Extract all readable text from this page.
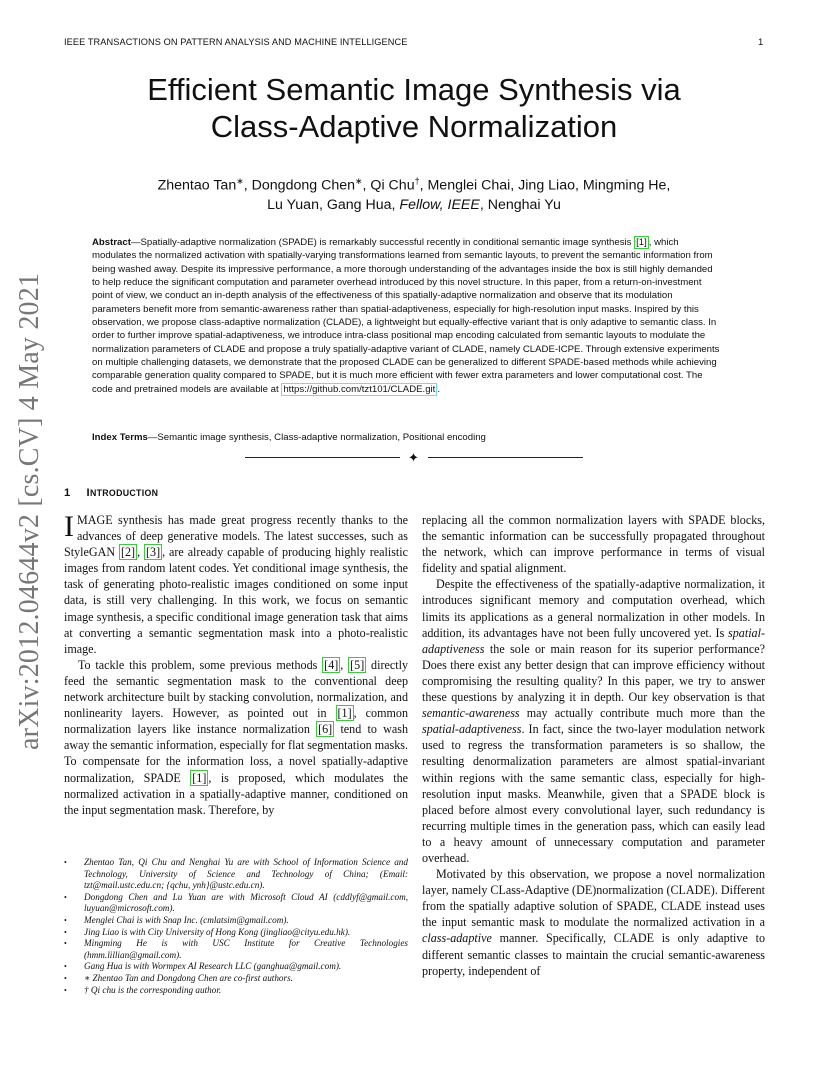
IEEE TRANSACTIONS ON PATTERN ANALYSIS AND MACHINE INTELLIGENCE	1
arXiv:2012.04644v2 [cs.CV] 4 May 2021
Efficient Semantic Image Synthesis via
Class-Adaptive Normalization
Zhentao Tan∗, Dongdong Chen∗, Qi Chu†, Menglei Chai, Jing Liao, Mingming He,
Lu Yuan, Gang Hua, Fellow, IEEE, Nenghai Yu
Abstract—Spatially-adaptive normalization (SPADE) is remarkably successful recently in conditional semantic image synthesis [1] , which modulates the normalized activation with spatially-varying transformations learned from semantic layouts, to prevent the semantic information from being washed away. Despite its impressive performance, a more thorough understanding of the advantages inside the box is still highly demanded to help reduce the significant computation and parameter overhead introduced by this novel structure. In this paper, from a return-on-investment point of view, we conduct an in-depth analysis of the effectiveness of this spatially-adaptive normalization and observe that its modulation parameters benefit more from semantic-awareness rather than spatial-adaptiveness, especially for high-resolution input masks. Inspired by this observation, we propose class-adaptive normalization (CLADE), a lightweight but equally-effective variant that is only adaptive to semantic class. In order to further improve spatial-adaptiveness, we introduce intra-class positional map encoding calculated from semantic layouts to modulate the normalization parameters of CLADE and propose a truly spatially-adaptive variant of CLADE, namely CLADE-ICPE. Through extensive experiments on multiple challenging datasets, we demonstrate that the proposed CLADE can be generalized to different SPADE-based methods while achieving comparable generation quality compared to SPADE, but it is much more efficient with fewer extra parameters and lower computational cost. The code and pretrained models are available at https://github.com/tzt101/CLADE.git .
Index Terms—Semantic image synthesis, Class-adaptive normalization, Positional encoding
✦
1 INTRODUCTION

IMAGE synthesis has made great progress recently thanks to the advances of deep generative models. The latest successes, such as StyleGAN [2] , [3] , are already capable of producing highly realistic images from random latent codes. Yet conditional image synthesis, the task of generating photo-realistic images conditioned on some input data, is still very challenging. In this work, we focus on semantic image synthesis, a specific conditional image generation task that aims at converting a semantic segmentation mask into a photo-realistic image.

To tackle this problem, some previous methods [4] , [5] directly feed the semantic segmentation mask to the conventional deep network architecture built by stacking convolution, normalization, and nonlinearity layers. However, as pointed out in [1] , common normalization layers like instance normalization [6] tend to wash away the semantic information, especially for flat segmentation masks. To compensate for the information loss, a novel spatially-adaptive normalization, SPADE [1] , is proposed, which modulates the normalized activation in a spatially-adaptive manner, conditioned on the input segmentation mask. Therefore, by

• Zhentao Tan, Qi Chu and Nenghai Yu are with School of Information Science and Technology, University of Science and Technology of China; (Email: tzt@mail.ustc.edu.cn; {qchu, ynh}@ustc.edu.cn).
• Dongdong Chen and Lu Yuan are with Microsoft Cloud AI (cddlyf@gmail.com, luyuan@microsoft.com).
• Menglei Chai is with Snap Inc. (cmlatsim@gmail.com).
• Jing Liao is with City University of Hong Kong (jingliao@cityu.edu.hk).
• Mingming He is with USC Institute for Creative Technologies (hmm.lillian@gmail.com).
• Gang Hua is with Wormpex AI Research LLC (ganghua@gmail.com).
• ∗ Zhentao Tan and Dongdong Chen are co-first authors.
• † Qi chu is the corresponding author.

replacing all the common normalization layers with SPADE blocks, the semantic information can be successfully propagated throughout the network, which can improve performance in terms of visual fidelity and spatial alignment.

Despite the effectiveness of the spatially-adaptive normalization, it introduces significant memory and computation overhead, which limits its applications as a general normalization in other models. In addition, its advantages have not been fully uncovered yet. Is spatial-adaptiveness the sole or main reason for its superior performance? Does there exist any better design that can improve efficiency without compromising the resulting quality? In this paper, we try to answer these questions by analyzing it in depth. Our key observation is that semantic-awareness may actually contribute much more than the spatial-adaptiveness. In fact, since the two-layer modulation network used to regress the transformation parameters is so shallow, the resulting denormalization parameters are almost spatial-invariant within regions with the same semantic class, especially for high-resolution input masks. Meanwhile, given that a SPADE block is placed before almost every convolutional layer, such redundancy is recurring multiple times in the generation pass, which can easily lead to a heavy amount of unnecessary computation and parameter overhead.

Motivated by this observation, we propose a novel normalization layer, namely CLass-Adaptive (DE)normalization (CLADE). Different from the spatially adaptive solution of SPADE, CLADE instead uses the input semantic mask to modulate the normalized activation in a class-adaptive manner. Specifically, CLADE is only adaptive to different semantic classes to maintain the crucial semantic-awareness property, independent of
